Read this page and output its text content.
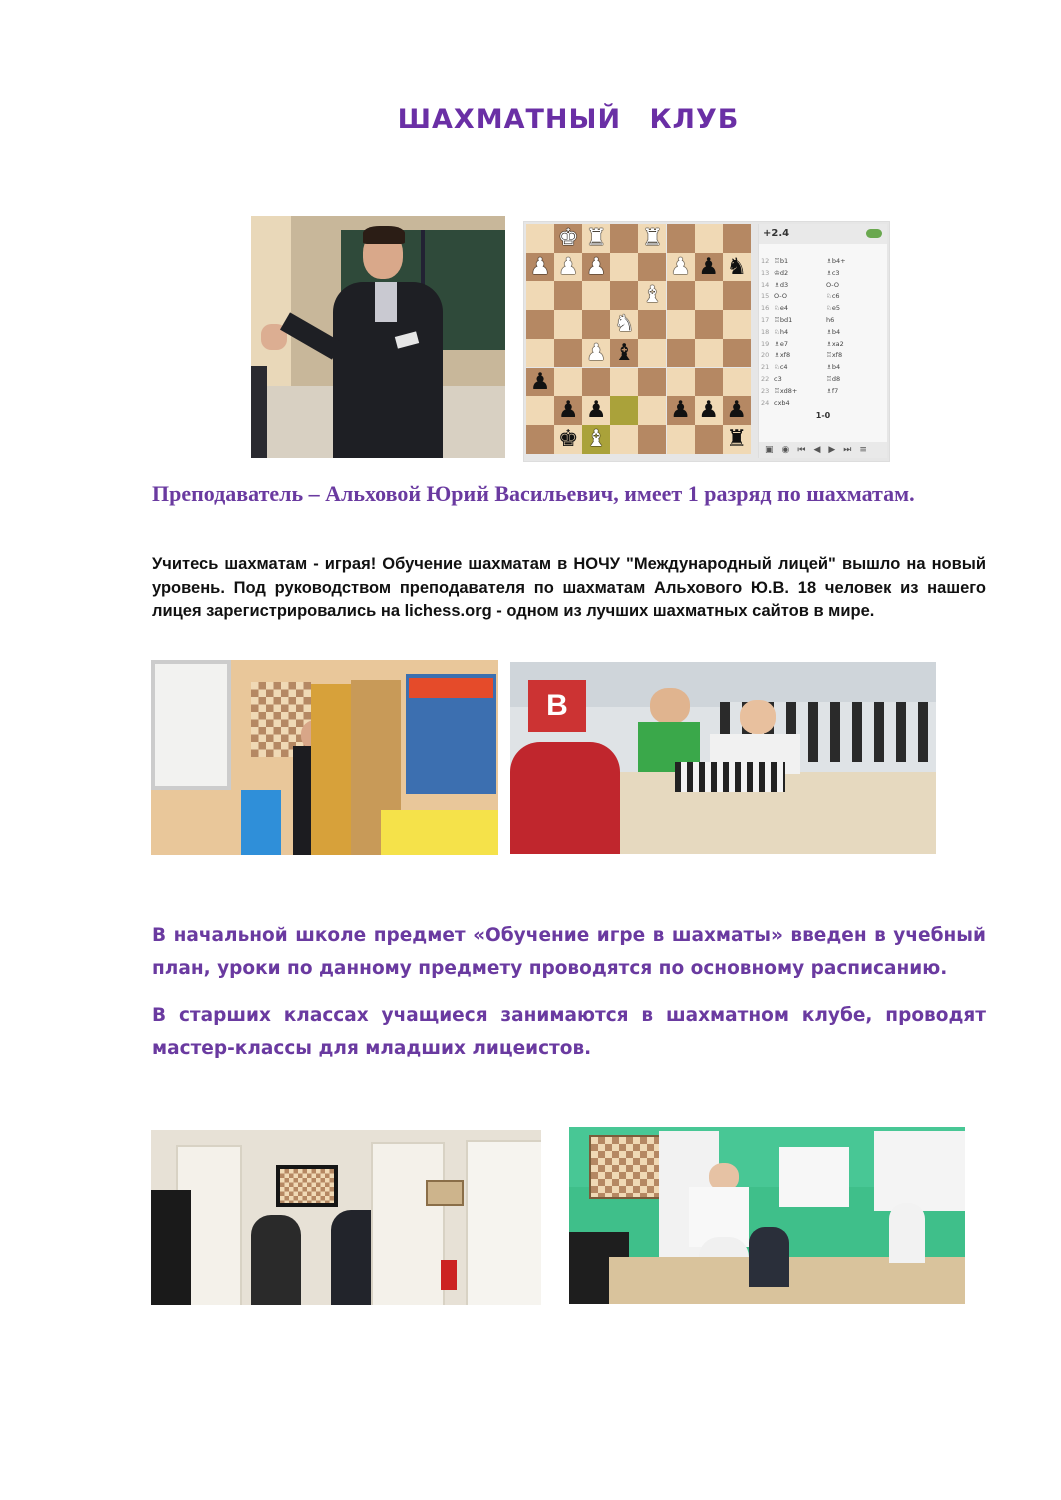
ШАХМАТНЫЙ КЛУБ
♚ ♜ ♜
♟ ♟ ♟	♟ ♟ ♞
♝
♞
♟ ♝
♟
♟ ♟	♟ ♟ ♟
♚ ♝	♜
+2.4
12 ♖b1	♗b4+
13 ♔d2	♗c3
14 ♗d3	O-O
15 O-O	♘c6
16 ♘e4	♘e5
17 ♖bd1	h6
18 ♘h4	♗b4
19 ♗e7	♗xa2
20 ♗xf8	♖xf8
21 ♘c4	♗b4
22 c3	♖d8
23 ♖xd8+	♗f7
24 cxb4
1-0
▣◉⏮◀▶⏭≡
Преподаватель – Альховой Юрий Васильевич, имеет 1 разряд по шахматам.
Учитесь шахматам - играя! Обучение шахматам в НОЧУ "Международный лицей" вышло на новый уровень. Под руководством преподавателя по шахматам Альхового Ю.В. 18 человек из нашего лицея зарегистрировались на lichess.org - одном из лучших шахматных сайтов в мире.
B
В начальной школе предмет «Обучение игре в шахматы» введен в учебный план, уроки по данному предмету проводятся по основному расписанию.
В старших классах учащиеся занимаются в шахматном клубе, проводят мастер-классы для младших лицеистов.
